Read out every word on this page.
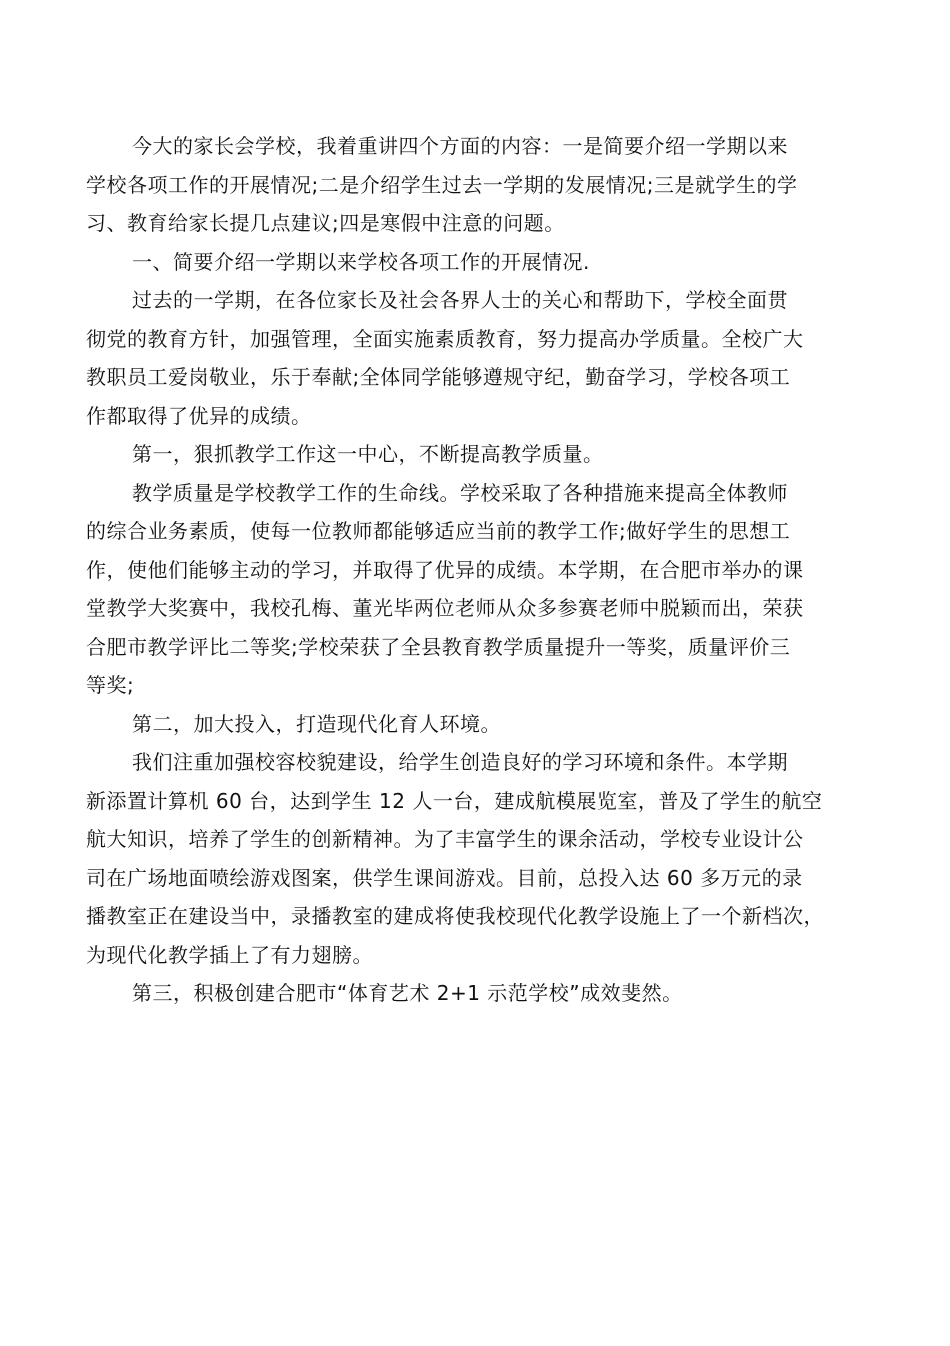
今大的家长会学校，我着重讲四个方面的内容：一是简要介绍一学期以来
学校各项工作的开展情况;二是介绍学生过去一学期的发展情况;三是就学生的学
习、教育给家长提几点建议;四是寒假中注意的问题。
一、简要介绍一学期以来学校各项工作的开展情况.
过去的一学期，在各位家长及社会各界人士的关心和帮助下，学校全面贯
彻党的教育方针，加强管理，全面实施素质教育，努力提高办学质量。全校广大
教职员工爱岗敬业，乐于奉献;全体同学能够遵规守纪，勤奋学习，学校各项工
作都取得了优异的成绩。
第一，狠抓教学工作这一中心，不断提高教学质量。
教学质量是学校教学工作的生命线。学校采取了各种措施来提高全体教师
的综合业务素质，使每一位教师都能够适应当前的教学工作;做好学生的思想工
作，使他们能够主动的学习，并取得了优异的成绩。本学期，在合肥市举办的课
堂教学大奖赛中，我校孔梅、董光毕两位老师从众多参赛老师中脱颖而出，荣获
合肥市教学评比二等奖;学校荣获了全县教育教学质量提升一等奖，质量评价三
等奖;
第二，加大投入，打造现代化育人环境。
我们注重加强校容校貌建设，给学生创造良好的学习环境和条件。本学期
新添置计算机 60 台，达到学生 12 人一台，建成航模展览室，普及了学生的航空
航大知识，培养了学生的创新精神。为了丰富学生的课余活动，学校专业设计公
司在广场地面喷绘游戏图案，供学生课间游戏。目前，总投入达 60 多万元的录
播教室正在建设当中，录播教室的建成将使我校现代化教学设施上了一个新档次，
为现代化教学插上了有力翅膀。
第三，积极创建合肥市“体育艺术 2+1 示范学校”成效斐然。
